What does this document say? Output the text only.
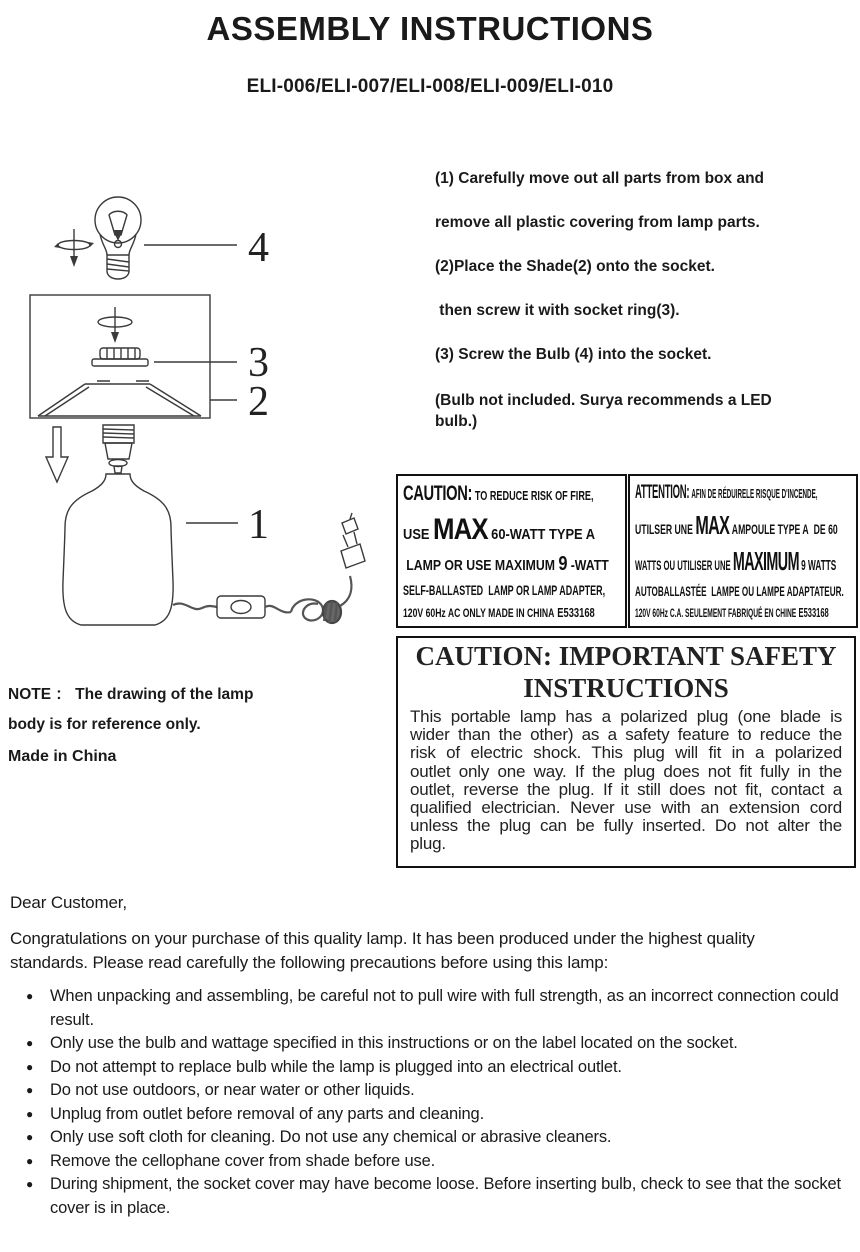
ASSEMBLY INSTRUCTIONS
ELI-006/ELI-007/ELI-008/ELI-009/ELI-010
4
3
2
1

(1) Carefully move out all parts from box and

remove all plastic covering from lamp parts.

(2)Place the Shade(2) onto the socket.

then screw it with socket ring(3).

(3) Screw the Bulb (4) into the socket.

(Bulb not included. Surya recommends a LED bulb.)

CAUTION: TO REDUCE RISK OF FIRE,
USE MAX 60-WATT TYPE A
LAMP OR USE MAXIMUM 9 -WATT
SELF-BALLASTED LAMP OR LAMP ADAPTER,
120V 60Hz AC ONLY MADE IN CHINA E533168
ATTENTION: AFIN DE RÉDUIRELE RISQUE D'INCENDE,
UTILSER UNE MAX AMPOULE TYPE A DE 60
WATTS OU UTILISER UNE MAXIMUM 9 WATTS
AUTOBALLASTÉE LAMPE OU LAMPE ADAPTATEUR.
120V 60Hz C.A. SEULEMENT FABRIQUÉ EN CHINE E533168
CAUTION: IMPORTANT SAFETY
INSTRUCTIONS
This portable lamp has a polarized plug (one blade is wider than the other) as a safety feature to reduce the risk of electric shock. This plug will fit in a polarized outlet only one way. If the plug does not fit fully in the outlet, reverse the plug. If it still does not fit, contact a qualified electrician. Never use with an extension cord unless the plug can be fully inserted. Do not alter the plug.
NOTE ： The drawing of the lamp
body is for reference only.
Made in China

Dear Customer,

Congratulations on your purchase of this quality lamp. It has been produced under the highest quality standards. Please read carefully the following precautions before using this lamp:

● When unpacking and assembling, be careful not to pull wire with full strength, as an incorrect connection could result.
● Only use the bulb and wattage specified in this instructions or on the label located on the socket.
● Do not attempt to replace bulb while the lamp is plugged into an electrical outlet.
● Do not use outdoors, or near water or other liquids.
● Unplug from outlet before removal of any parts and cleaning.
● Only use soft cloth for cleaning. Do not use any chemical or abrasive cleaners.
● Remove the cellophane cover from shade before use.
● During shipment, the socket cover may have become loose. Before inserting bulb, check to see that the socket cover is in place.
